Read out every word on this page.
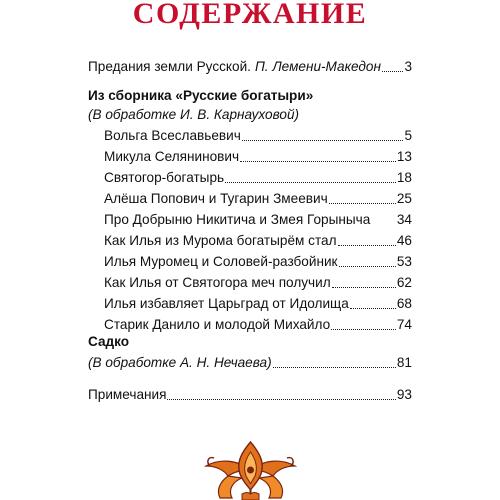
СОДЕРЖАНИЕ
Предания земли Русской. П. Лемени-Македон 3
Из сборника «Русские богатыри»
(В обработке И. В. Карнауховой)
Вольга Всеславьевич	5
Микула Селянинович	13
Святогор-богатырь	18
Алёша Попович и Тугарин Змеевич	25
Про Добрыню Никитича и Змея Горыныча 34
Как Илья из Мурома богатырём стал	46
Илья Муромец и Соловей-разбойник	53
Как Илья от Святогора меч получил	62
Илья избавляет Царьград от Идолища	68
Старик Данило и молодой Михайло	74
Садко
(В обработке А. Н. Нечаева)	81
Примечания	93
